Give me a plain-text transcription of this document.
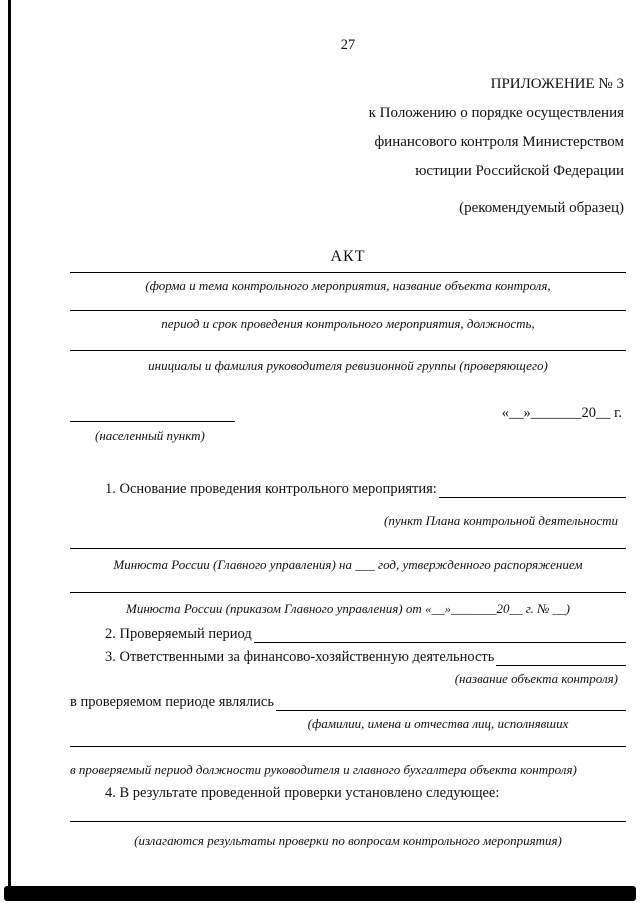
27
ПРИЛОЖЕНИЕ № 3
к Положению о порядке осуществления
финансового контроля Министерством
юстиции Российской Федерации
(рекомендуемый образец)
АКТ
(форма и тема контрольного мероприятия, название объекта контроля,
период и срок проведения контрольного мероприятия, должность,
инициалы и фамилия руководителя ревизионной группы (проверяющего)
«__»_______20__ г.
(населенный пункт)
1. Основание проведения контрольного мероприятия:
(пункт Плана контрольной деятельности
Минюста России (Главного управления) на ___ год, утвержденного распоряжением
Минюста России (приказом Главного управления) от «__»_______20__ г. № __)
2. Проверяемый период
3. Ответственными за финансово-хозяйственную деятельность
(название объекта контроля)
в проверяемом периоде являлись
(фамилии, имена и отчества лиц, исполнявших
в проверяемый период должности руководителя и главного бухгалтера объекта контроля)
4. В результате проведенной проверки установлено следующее:
(излагаются результаты проверки по вопросам контрольного мероприятия)
